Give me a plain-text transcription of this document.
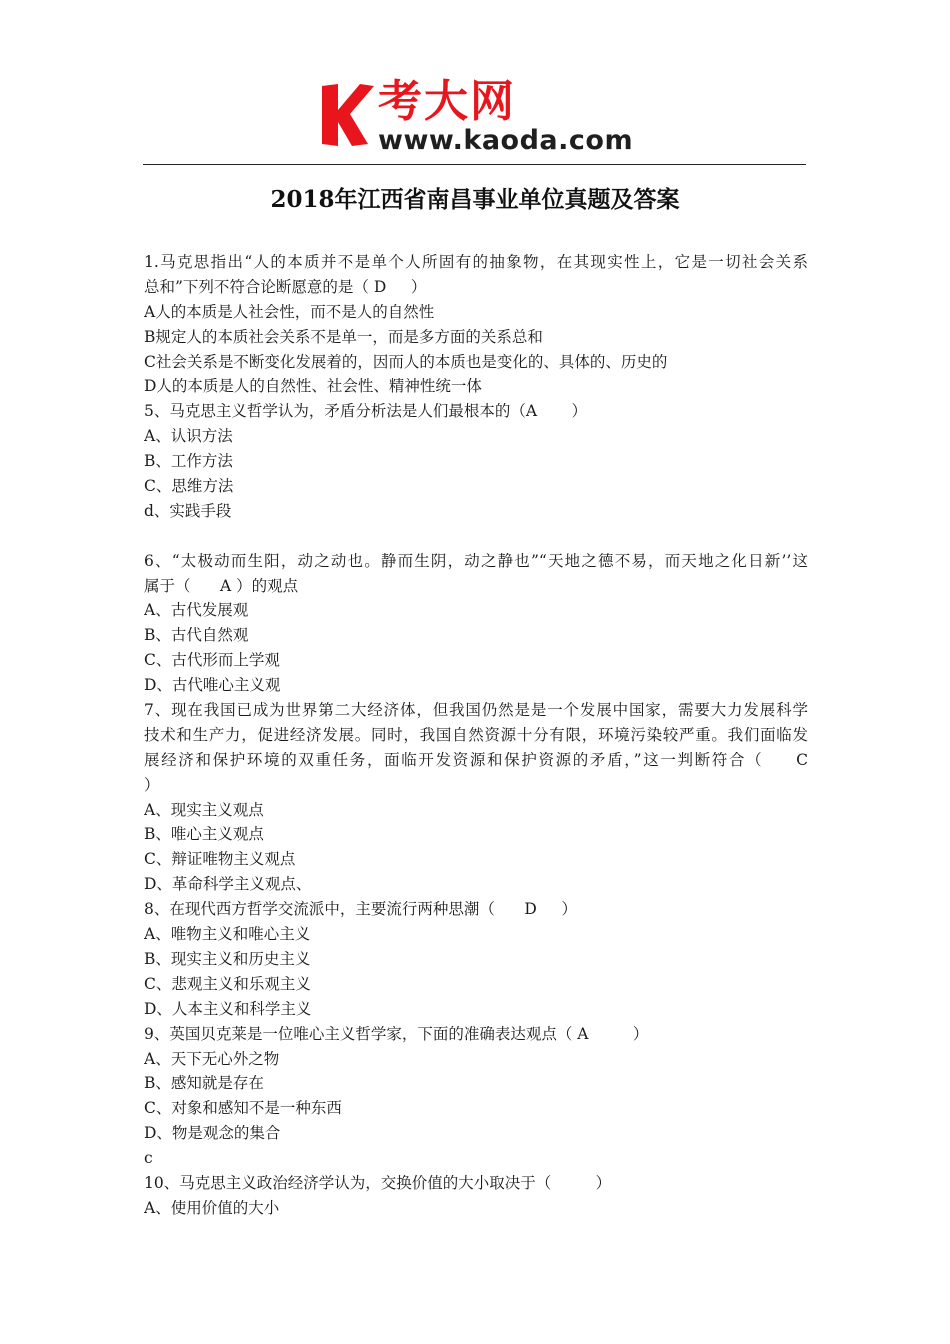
考大网
www.kaoda.com
2018年江西省南昌事业单位真题及答案
1.马克思指出“人的本质并不是单个人所固有的抽象物，在其现实性上，它是一切社会关系
总和”下列不符合论断愿意的是（ D     ）
A人的本质是人社会性，而不是人的自然性
B规定人的本质社会关系不是单一，而是多方面的关系总和
C社会关系是不断变化发展着的，因而人的本质也是变化的、具体的、历史的
D人的本质是人的自然性、社会性、精神性统一体
5、马克思主义哲学认为，矛盾分析法是人们最根本的（A       ）
A、认识方法
B、工作方法
C、思维方法
d、实践手段
6、“太极动而生阳，动之动也。静而生阴，动之静也”“天地之德不易，而天地之化日新’’这
属于（      A ）的观点
A、古代发展观
B、古代自然观
C、古代形而上学观
D、古代唯心主义观
7、现在我国已成为世界第二大经济体，但我国仍然是是一个发展中国家，需要大力发展科学
技术和生产力，促进经济发展。同时，我国自然资源十分有限，环境污染较严重。我们面临发
展经济和保护环境的双重任务，面临开发资源和保护资源的矛盾，”这一判断符合（     C
）
A、现实主义观点
B、唯心主义观点
C、辩证唯物主义观点
D、革命科学主义观点、
8、在现代西方哲学交流派中，主要流行两种思潮（      D     ）
A、唯物主义和唯心主义
B、现实主义和历史主义
C、悲观主义和乐观主义
D、人本主义和科学主义
9、英国贝克莱是一位唯心主义哲学家，下面的准确表达观点（ A         ）
A、天下无心外之物
B、感知就是存在
C、对象和感知不是一种东西
D、物是观念的集合
c
10、马克思主义政治经济学认为，交换价值的大小取决于（         ）
A、使用价值的大小
